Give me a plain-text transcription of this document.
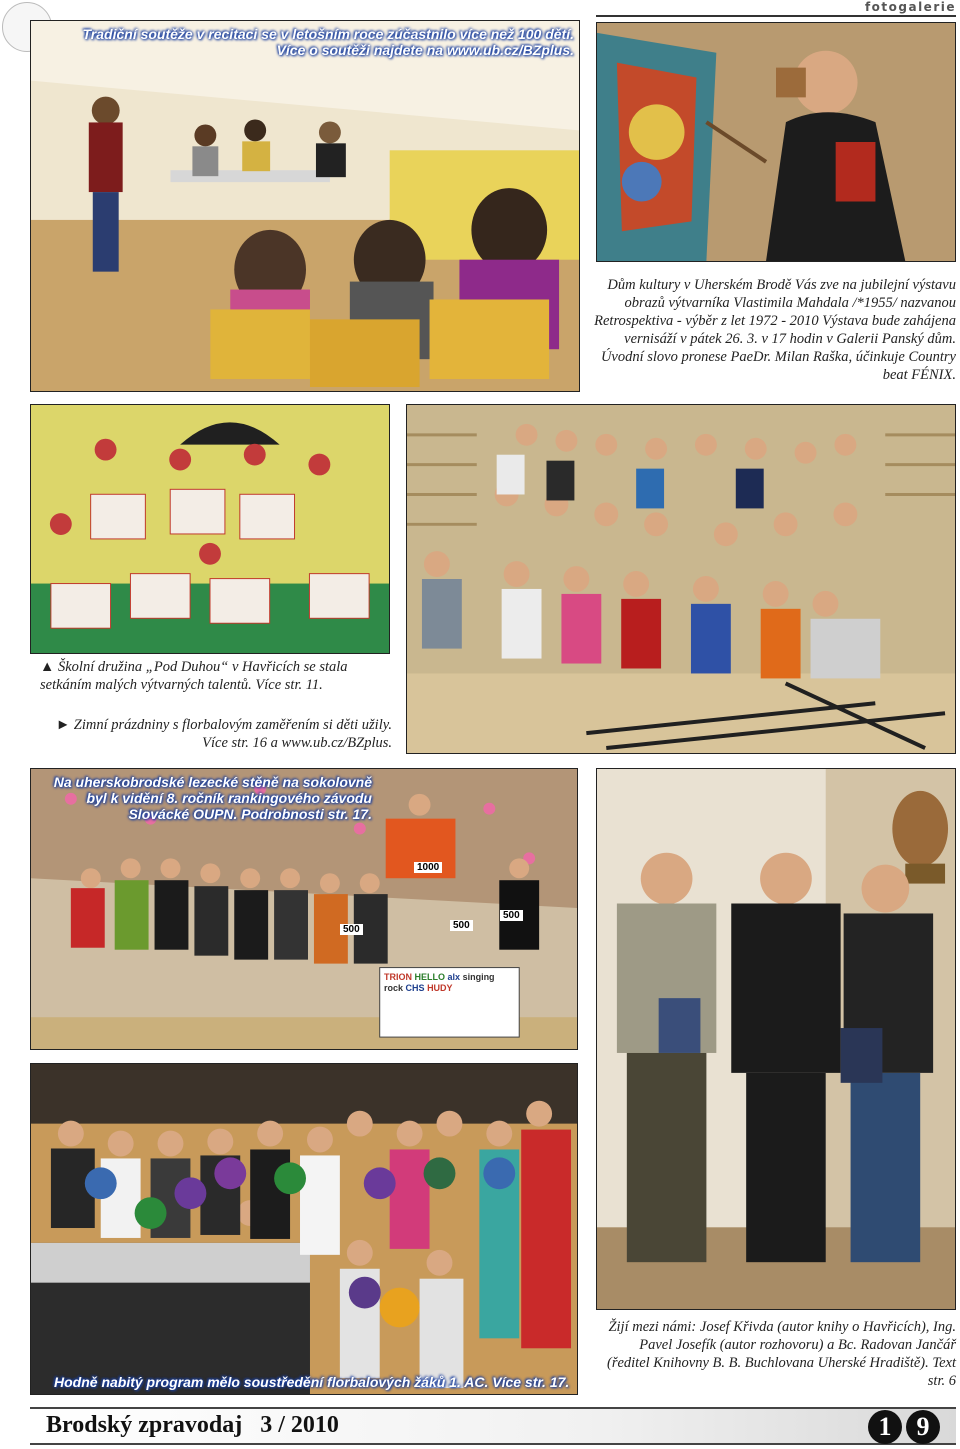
fotogalerie
Tradiční soutěže v recitaci se v letošním roce zúčastnilo více než 100 dětí. Více o soutěži najdete na www.ub.cz/BZplus.
Dům kultury v Uherském Brodě Vás zve na jubilejní výstavu obrazů výtvarníka Vlastimila Mahdala /*1955/ nazvanou Retrospektiva - výběr z let 1972 - 2010 Výstava bude zahájena vernisáží v pátek 26. 3. v 17 hodin v Galerii Panský dům. Úvodní slovo pronese PaeDr. Milan Raška, účinkuje Country beat FÉNIX.
▲ Školní družina „Pod Duhou“ v Havřicích se stala setkáním malých výtvarných talentů. Více str. 11.
► Zimní prázdniny s florbalovým zaměřením si děti užily. Více str. 16 a www.ub.cz/BZplus.
Na uherskobrodské lezecké stěně na sokolovně byl k vidění 8. ročník rankingového závodu Slovácké OUPN. Podrobnosti str. 17.
1000
500	500
500
TRION HELLO alx singing rock CHS HUDY
Hodně nabitý program mělo soustředění florbalových žáků 1. AC. Více str. 17.
Žijí mezi námi: Josef Křivda (autor knihy o Havřicích), Ing. Pavel Josefík (autor rozhovoru) a Bc. Radovan Jančář (ředitel Knihovny B. B. Buchlovana Uherské Hradiště). Text str. 6
Brodský zpravodaj   3 / 2010	1 9
